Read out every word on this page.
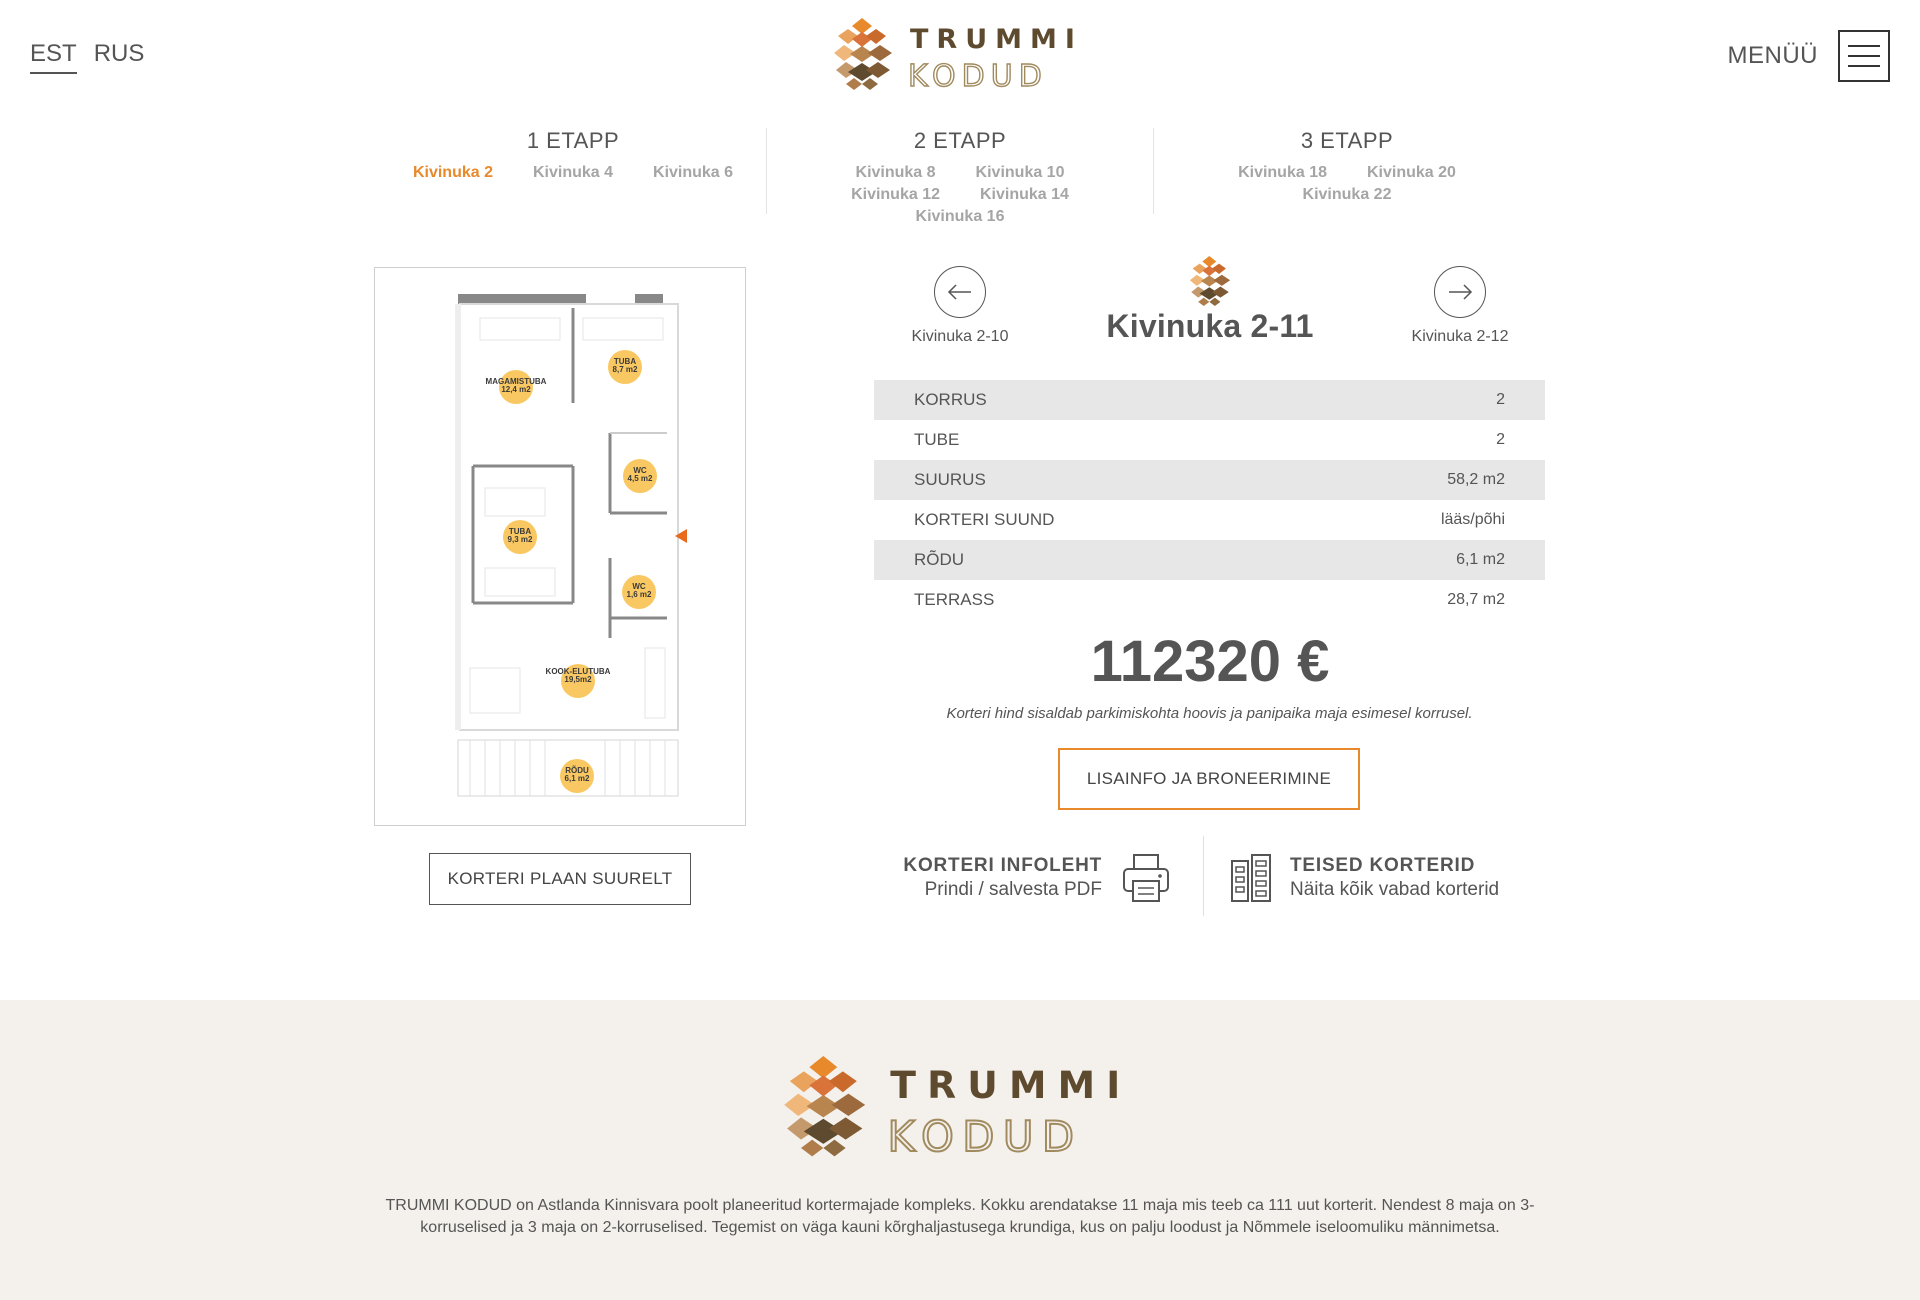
EST RUS	TRUMMI
KODUD
MENÜÜ
1 ETAPP
Kivinuka 2	Kivinuka 4	Kivinuka 6
2 ETAPP
Kivinuka 8	Kivinuka 10
Kivinuka 12	Kivinuka 14
Kivinuka 16
3 ETAPP
Kivinuka 18	Kivinuka 20
Kivinuka 22
MAGAMISTUBA
12,4 m2
TUBA
8,7 m2
WC
4,5 m2
TUBA
9,3 m2
WC
1,6 m2
KOOK-ELUTUBA
19,5m2
RÕDU
6,1 m2
KORTERI PLAAN SUURELT
Kivinuka 2-10	Kivinuka 2-11	Kivinuka 2-12
KORRUS	2
TUBE	2
SUURUS	58,2 m2
KORTERI SUUND	lääs/põhi
RÕDU	6,1 m2
TERRASS	28,7 m2
112320 €
Korteri hind sisaldab parkimiskohta hoovis ja panipaika maja esimesel korrusel.
LISAINFO JA BRONEERIMINE
KORTERI INFOLEHT
Prindi / salvesta PDF
TEISED KORTERID
Näita kõik vabad korterid
TRUMMI
KODUD
TRUMMI KODUD on Astlanda Kinnisvara poolt planeeritud kortermajade kompleks. Kokku arendatakse 11 maja mis teeb ca 111 uut korterit. Nendest 8 maja on 3-korruselised ja 3 maja on 2-korruselised. Tegemist on väga kauni kõrghaljastusega krundiga, kus on palju loodust ja Nõmmele iseloomuliku männimetsa.
